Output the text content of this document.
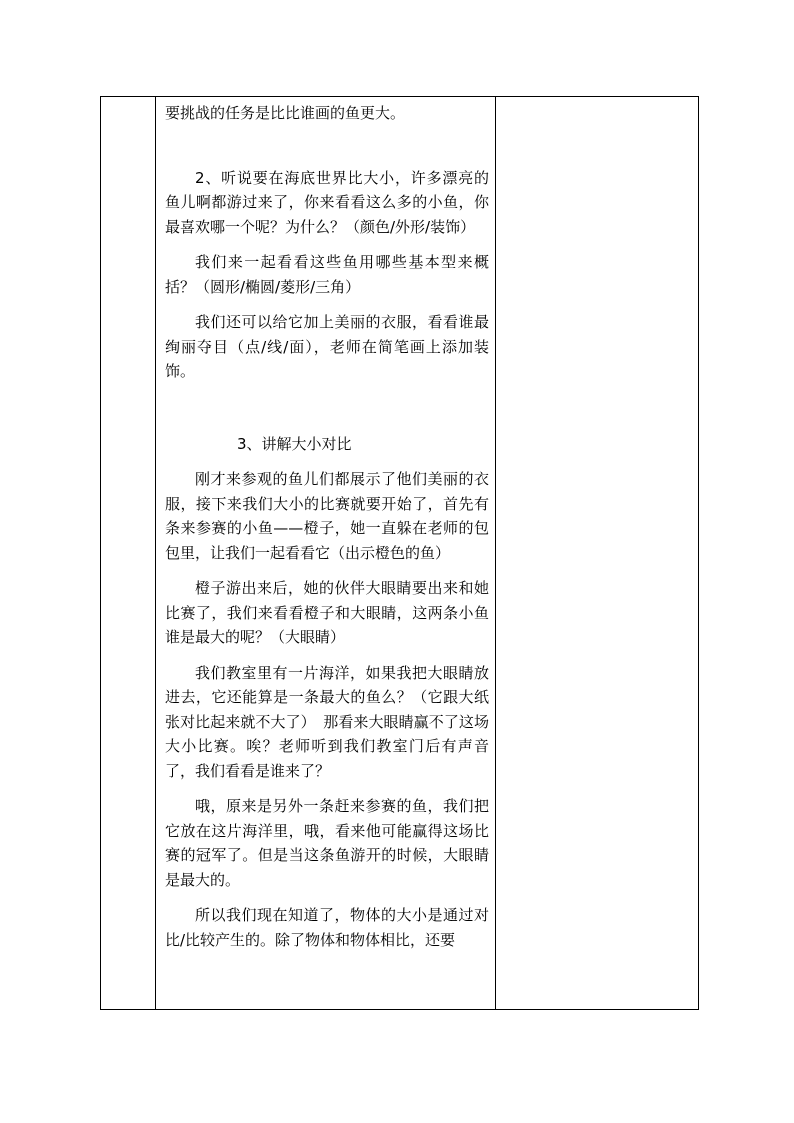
要挑战的任务是比比谁画的鱼更大。

2、听说要在海底世界比大小，许多漂亮的鱼儿啊都游过来了，你来看看这么多的小鱼，你最喜欢哪一个呢？为什么？（颜色/外形/装饰）

我们来一起看看这些鱼用哪些基本型来概括？（圆形/椭圆/菱形/三角）

我们还可以给它加上美丽的衣服，看看谁最绚丽夺目（点/线/面），老师在简笔画上添加装饰。

3、讲解大小对比

刚才来参观的鱼儿们都展示了他们美丽的衣服，接下来我们大小的比赛就要开始了，首先有条来参赛的小鱼——橙子，她一直躲在老师的包包里，让我们一起看看它（出示橙色的鱼）

橙子游出来后，她的伙伴大眼睛要出来和她比赛了，我们来看看橙子和大眼睛，这两条小鱼谁是最大的呢？（大眼睛）

我们教室里有一片海洋，如果我把大眼睛放进去，它还能算是一条最大的鱼么？（它跟大纸张对比起来就不大了）　那看来大眼睛赢不了这场大小比赛。唉？老师听到我们教室门后有声音了，我们看看是谁来了？

哦，原来是另外一条赶来参赛的鱼，我们把它放在这片海洋里，哦，看来他可能赢得这场比赛的冠军了。但是当这条鱼游开的时候，大眼睛是最大的。

所以我们现在知道了，物体的大小是通过对比/比较产生的。除了物体和物体相比，还要
